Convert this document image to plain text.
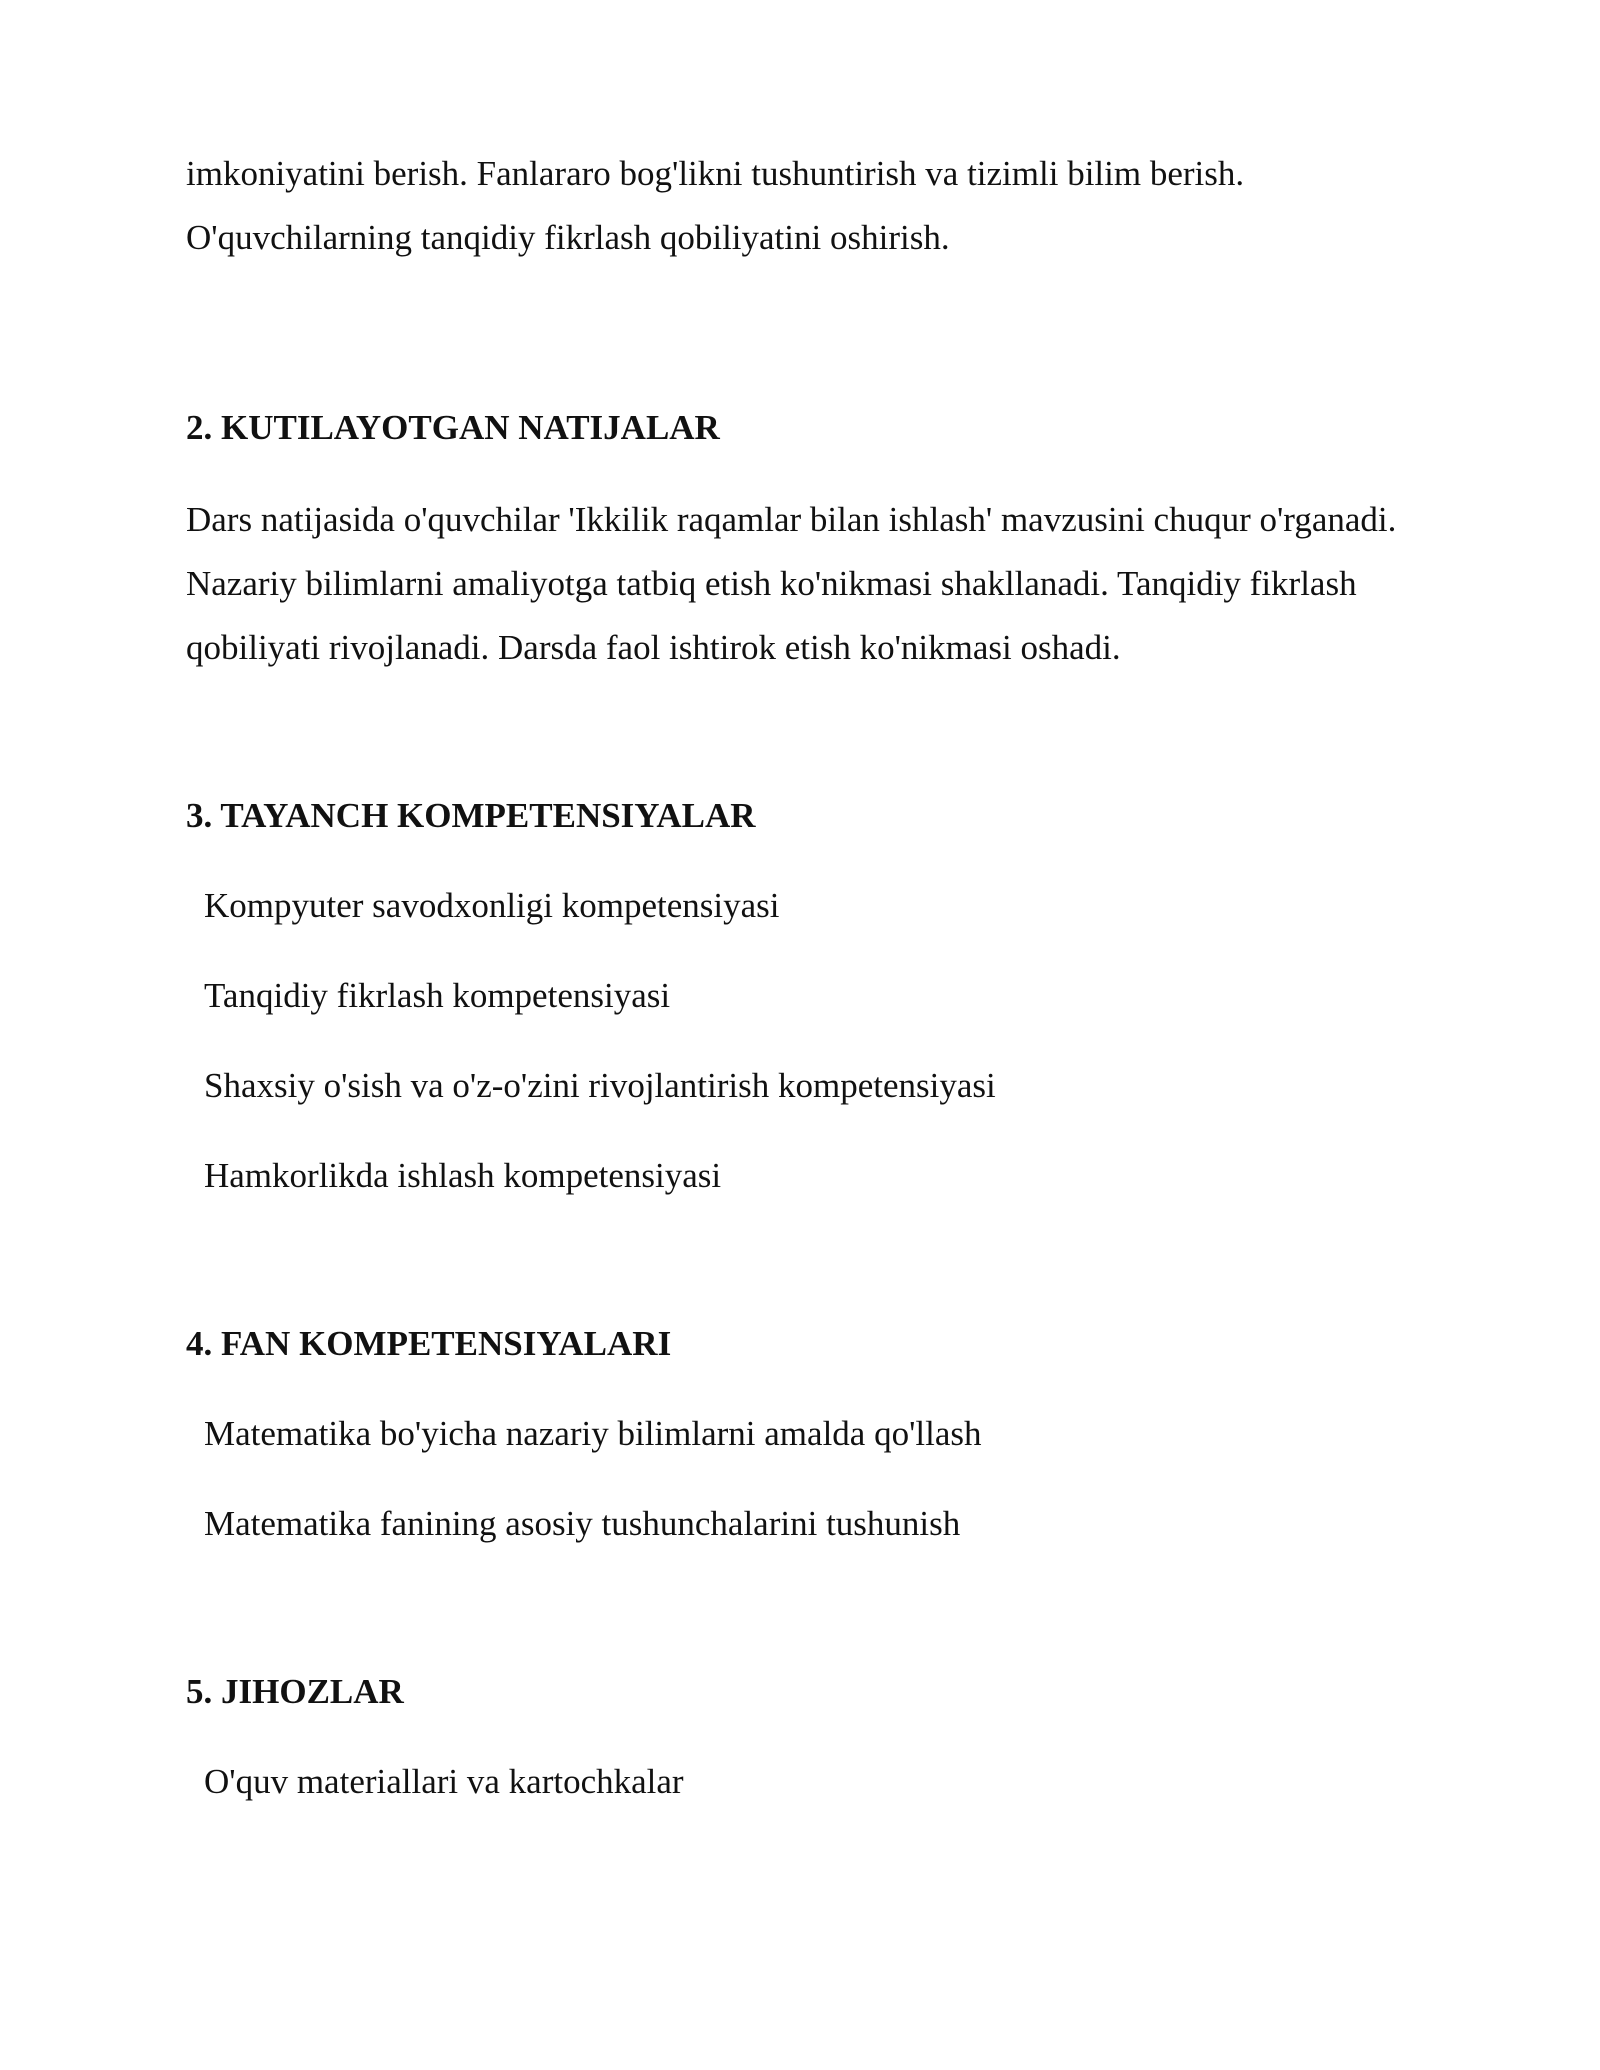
imkoniyatini berish. Fanlararo bog'likni tushuntirish va tizimli bilim berish. O'quvchilarning tanqidiy fikrlash qobiliyatini oshirish.

2. KUTILAYOTGAN NATIJALAR

Dars natijasida o'quvchilar 'Ikkilik raqamlar bilan ishlash' mavzusini chuqur o'rganadi. Nazariy bilimlarni amaliyotga tatbiq etish ko'nikmasi shakllanadi. Tanqidiy fikrlash qobiliyati rivojlanadi. Darsda faol ishtirok etish ko'nikmasi oshadi.

3. TAYANCH KOMPETENSIYALAR
Kompyuter savodxonligi kompetensiyasi
Tanqidiy fikrlash kompetensiyasi
Shaxsiy o'sish va o'z-o'zini rivojlantirish kompetensiyasi
Hamkorlikda ishlash kompetensiyasi
4. FAN KOMPETENSIYALARI
Matematika bo'yicha nazariy bilimlarni amalda qo'llash
Matematika fanining asosiy tushunchalarini tushunish
5. JIHOZLAR
O'quv materiallari va kartochkalar
